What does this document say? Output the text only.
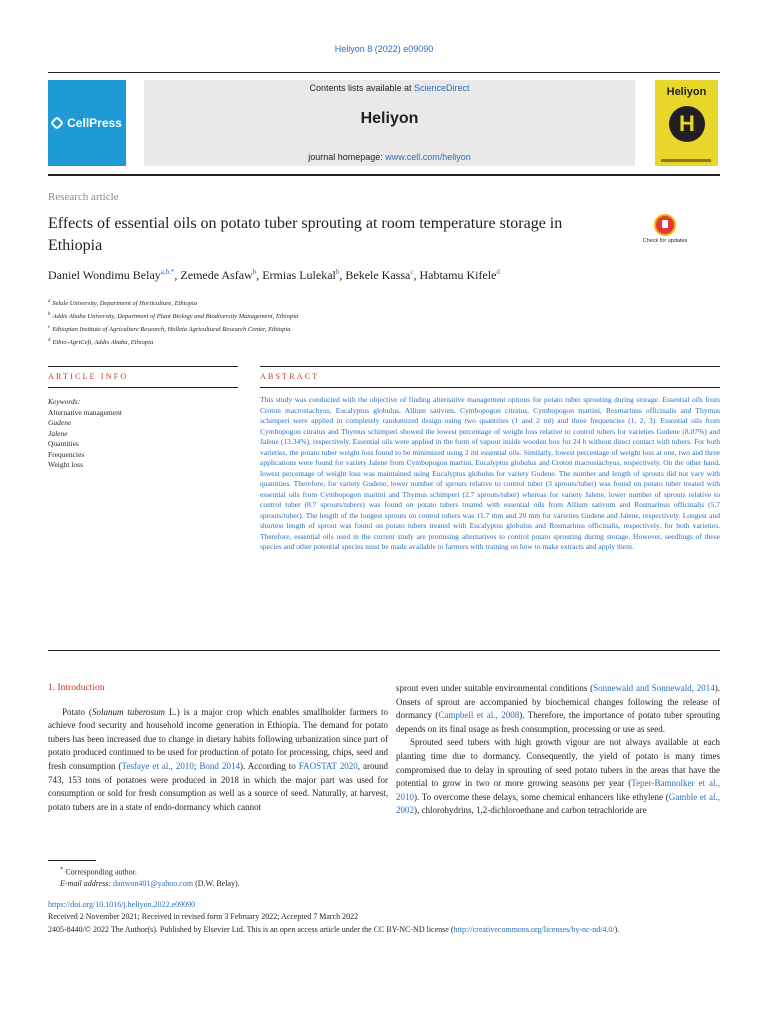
Heliyon 8 (2022) e09090
CellPress
Contents lists available at ScienceDirect
Heliyon
journal homepage: www.cell.com/heliyon
Heliyon
H
Research article
Effects of essential oils on potato tuber sprouting at room temperature storage in Ethiopia	Check for updates
Daniel Wondimu Belay$^{a,b,*}$, Zemede Asfaw$^b$, Ermias Lulekal$^b$, Bekele Kassa$^c$, Habtamu Kifele$^d$
$^a$ Selale University, Department of Horticulture, Ethiopia
$^b$ Addis Ababa University, Department of Plant Biology and Biodiversity Management, Ethiopia
$^c$ Ethiopian Institute of Agriculture Research, Holleta Agricultural Research Center, Ethiopia
$^d$ Ethio-AgriCeft, Addis Ababa, Ethiopia
ARTICLE INFO	ABSTRACT
Keywords:
Alternative management
Gudene
Jalene
Quantities
Frequencies
Weight loss
This study was conducted with the objective of finding alternative management options for potato tuber sprouting during storage. Essential oils from Croton macrostachyus, Eucalyptus globulus, Allium sativum, Cymbopogon citratus, Cymbopogon martini, Rosmarinus officinalis and Thymus schimperi were applied in completely randomized design using two quantities (1 and 2 ml) and three frequencies (1, 2, 3). Essential oils from Cymbopogon citratus and Thymus schimperi showed the lowest percentage of weight loss relative to control tubers for varieties Gudene (8.07%) and Jalene (13.34%), respectively. Essential oils were applied in the form of vapour inside wooden box for 24 h without direct contact with tubers. For both varieties, the potato tuber weight loss found to be minimized using 2 ml essential oils. Similarly, lowest percentage of weight loss at one, two and three applications were found for variety Jalene from Cymbopogon martini, Eucalyptus globulus and Croton macrostachyus, respectively. On the other hand, lowest percentage of weight loss was maintained using Eucalyptus globulus for variety Gudene. The number and length of sprouts did not vary with quantities. Therefore, for variety Gudene, lower number of sprouts relative to control tuber (3 sprouts/tuber) was found on potato tuber treated with essential oils from Cymbopogon martini and Thymus schimperi (2.7 sprouts/tuber) whereas for variety Jalene, lower number of sprouts relative to control tuber (8.7 sprouts/tubers) was found on potato tubers treated with essential oils from Allium sativum and Rosmarinus officinalis (5.7 sprouts/tuber). The length of the longest sprouts on control tubers was 11.7 mm and 20 mm for varieties Gudene and Jalene, respectively. Longest and shortest length of sprout was found on potato tubers treated with Eucalyptus globulus and Rosmarinus officinalis, respectively, for both varieties. Therefore, essential oils used in the current study are promising alternatives to control potato sprouting during storage. However, seedlings of these species and other potential species must be made available to farmers with training on how to make extracts and apply them.
1. Introduction

Potato (Solanum tuberosum L.) is a major crop which enables smallholder farmers to achieve food security and household income generation in Ethiopia. The demand for potato tubers has been increased due to change in dietary habits following urbanization since part of potato produced continued to be used for production of potato for processing, chips, seed and fresh consumption (Tesfaye et al., 2010; Bond 2014). According to FAOSTAT 2020, around 743, 153 tons of potatoes were produced in 2018 in which the major part was used for consumption or sold for fresh consumption as well as a source of seed. Naturally, at harvest, potato tubers are in a state of endo-dormancy which cannot

sprout even under suitable environmental conditions (Sonnewald and Sonnewald, 2014). Onsets of sprout are accompanied by biochemical changes following the release of dormancy (Campbell et al., 2008). Therefore, the importance of potato tuber sprouting depends on its final usage as fresh consumption, processing or use as seed.

Sprouted seed tubers with high growth vigour are not always available at each planting time due to dormancy. Consequently, the yield of potato is many times compromised due to delay in sprouting of seed potato tubers in the areas that have the potential to grow in two or more growing seasons per year (Teper-Bamnolker et al., 2010). To overcome these delays, some chemical enhancers like ethylene (Gamble et al., 2002), chlorohydrins, 1,2-dichloroethane and carbon tetrachloride are

* Corresponding author.
E-mail address: danwon401@yahoo.com (D.W. Belay).
https://doi.org/10.1016/j.heliyon.2022.e09090
Received 2 November 2021; Received in revised form 3 February 2022; Accepted 7 March 2022
2405-8440/© 2022 The Author(s). Published by Elsevier Ltd. This is an open access article under the CC BY-NC-ND license (http://creativecommons.org/licenses/by-nc-nd/4.0/).
